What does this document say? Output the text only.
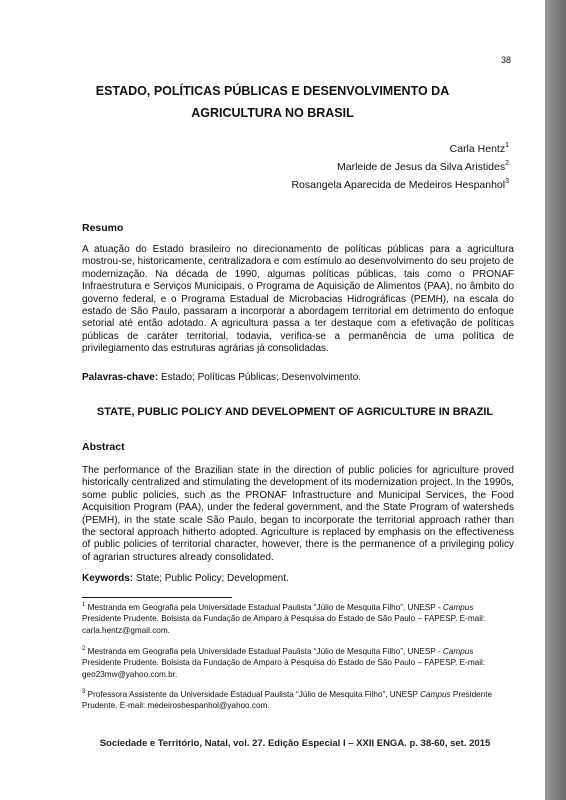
38
ESTADO, POLÍTICAS PÚBLICAS E DESENVOLVIMENTO DA
AGRICULTURA NO BRASIL
Carla Hentz$^1$
Marleide de Jesus da Silva Aristides$^2$
Rosangela Aparecida de Medeiros Hespanhol$^3$
Resumo
A atuação do Estado brasileiro no direcionamento de políticas públicas para a agricultura mostrou-se, historicamente, centralizadora e com estímulo ao desenvolvimento do seu projeto de modernização. Na década de 1990, algumas políticas públicas, tais como o PRONAF Infraestrutura e Serviços Municipais, o Programa de Aquisição de Alimentos (PAA), no âmbito do governo federal, e o Programa Estadual de Microbacias Hidrográficas (PEMH), na escala do estado de São Paulo, passaram a incorporar a abordagem territorial em detrimento do enfoque setorial até então adotado. A agricultura passa a ter destaque com a efetivação de políticas públicas de caráter territorial, todavia, verifica-se a permanência de uma política de privilegiamento das estruturas agrárias já consolidadas.
Palavras-chave: Estado; Políticas Públicas; Desenvolvimento.
STATE, PUBLIC POLICY AND DEVELOPMENT OF AGRICULTURE IN BRAZIL
Abstract
The performance of the Brazilian state in the direction of public policies for agriculture proved historically centralized and stimulating the development of its modernization project. In the 1990s, some public policies, such as the PRONAF Infrastructure and Municipal Services, the Food Acquisition Program (PAA), under the federal government, and the State Program of watersheds (PEMH), in the state scale São Paulo, began to incorporate the territorial approach rather than the sectoral approach hitherto adopted. Agriculture is replaced by emphasis on the effectiveness of public policies of territorial character, however, there is the permanence of a privileging policy of agrarian structures already consolidated.
Keywords: State; Public Policy; Development.
$^1$ Mestranda em Geografia pela Universidade Estadual Paulista “Júlio de Mesquita Filho”, UNESP - Campus Presidente Prudente. Bolsista da Fundação de Amparo à Pesquisa do Estado de São Paulo – FAPESP. E-mail: carla.hentz@gmail.com.
$^2$ Mestranda em Geografia pela Universidade Estadual Paulista “Júlio de Mesquita Filho”, UNESP - Campus Presidente Prudente. Bolsista da Fundação de Amparo à Pesquisa do Estado de São Paulo – FAPESP. E-mail: geo23mw@yahoo.com.br.
$^3$ Professora Assistente da Universidade Estadual Paulista “Júlio de Mesquita Filho”, UNESP Campus Presidente Prudente. E-mail: medeiroshespanhol@yahoo.com.
Sociedade e Território, Natal, vol. 27. Edição Especial I – XXII ENGA. p. 38-60, set. 2015
